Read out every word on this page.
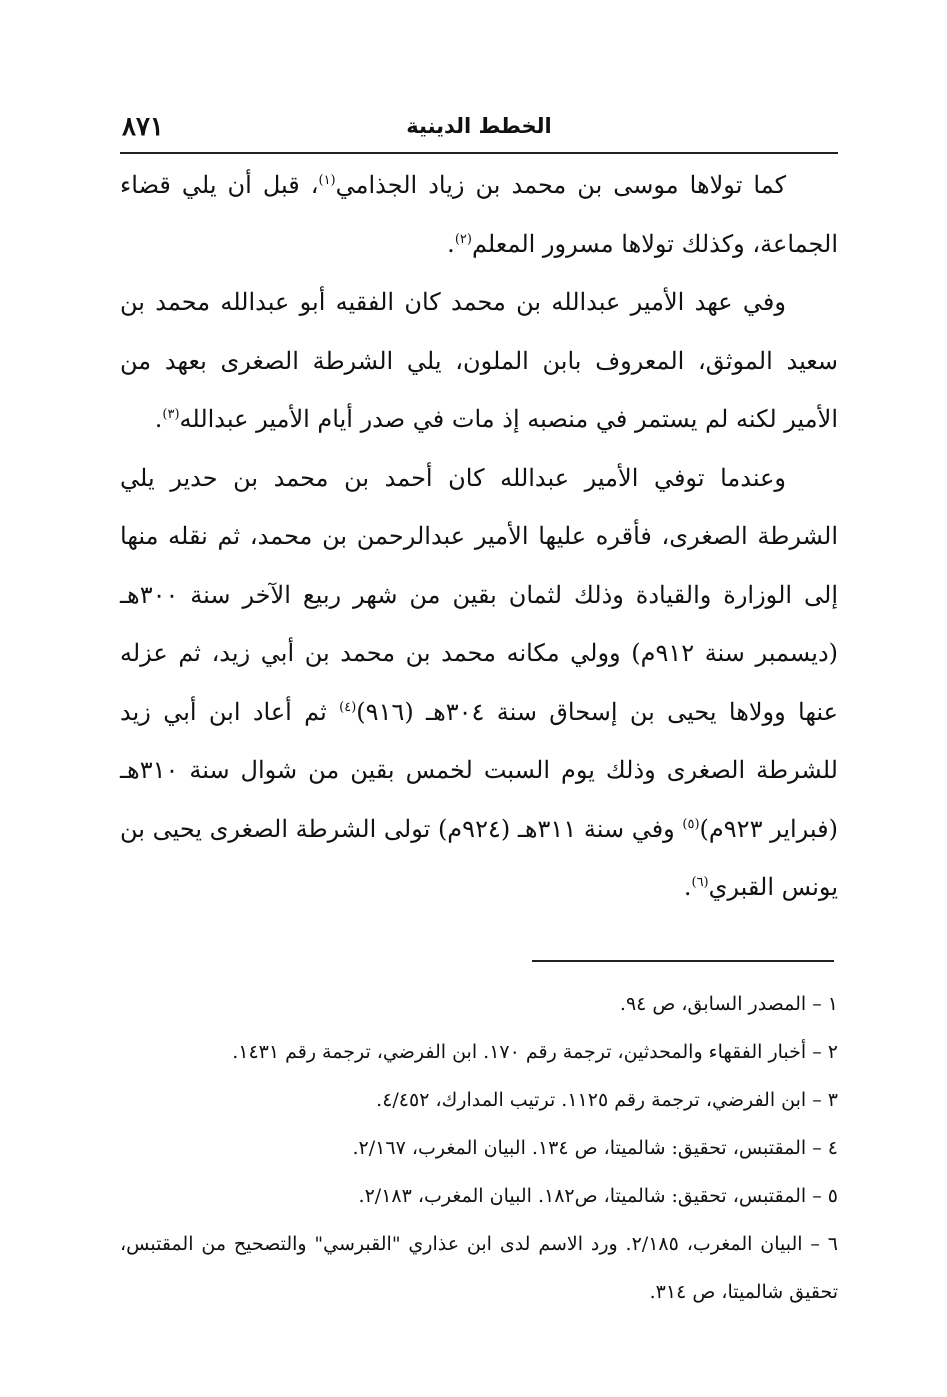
٨٧١	الخطط الدينية

كما تولاها موسى بن محمد بن زياد الجذامي$^{(١)}$، قبل أن يلي قضاء الجماعة، وكذلك تولاها مسرور المعلم$^{(٢)}$.

وفي عهد الأمير عبدالله بن محمد كان الفقيه أبو عبدالله محمد بن سعيد الموثق، المعروف بابن الملون، يلي الشرطة الصغرى بعهد من الأمير لكنه لم يستمر في منصبه إذ مات في صدر أيام الأمير عبدالله$^{(٣)}$.

وعندما توفي الأمير عبدالله كان أحمد بن محمد بن حدير يلي الشرطة الصغرى، فأقره عليها الأمير عبدالرحمن بن محمد، ثم نقله منها إلى الوزارة والقيادة وذلك لثمان بقين من شهر ربيع الآخر سنة ٣٠٠هـ (ديسمبر سنة ٩١٢م) وولي مكانه محمد بن محمد بن أبي زيد، ثم عزله عنها وولاها يحيى بن إسحاق سنة ٣٠٤هـ (٩١٦)$^{(٤)}$ ثم أعاد ابن أبي زيد للشرطة الصغرى وذلك يوم السبت لخمس بقين من شوال سنة ٣١٠هـ (فبراير ٩٢٣م)$^{(٥)}$ وفي سنة ٣١١هـ (٩٢٤م) تولى الشرطة الصغرى يحيى بن يونس القبري$^{(٦)}$.

١ – المصدر السابق، ص ٩٤.

٢ – أخبار الفقهاء والمحدثين، ترجمة رقم ١٧٠. ابن الفرضي، ترجمة رقم ١٤٣١.

٣ – ابن الفرضي، ترجمة رقم ١١٢٥. ترتيب المدارك، ٤/٤٥٢.

٤ – المقتبس، تحقيق: شالميتا، ص ١٣٤. البيان المغرب، ٢/١٦٧.

٥ – المقتبس، تحقيق: شالميتا، ص١٨٢. البيان المغرب، ٢/١٨٣.

٦ – البيان المغرب، ٢/١٨٥. ورد الاسم لدى ابن عذاري "القبرسي" والتصحيح من المقتبس، تحقيق شالميتا، ص ٣١٤.
